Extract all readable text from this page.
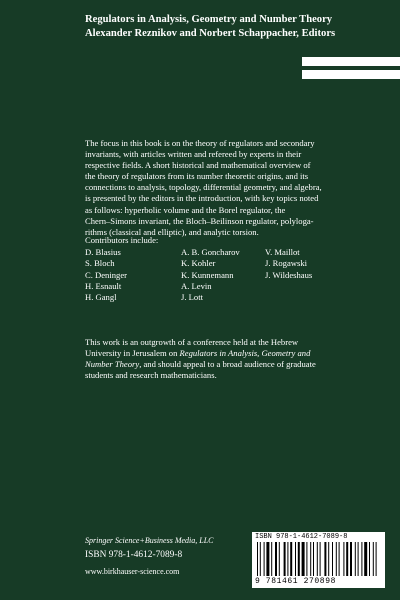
Regulators in Analysis, Geometry and Number Theory
Alexander Reznikov and Norbert Schappacher, Editors

The focus in this book is on the theory of regulators and secondary

invariants, with articles written and refereed by experts in their

respective fields. A short historical and mathematical overview of

the theory of regulators from its number theoretic origins, and its

connections to analysis, topology, differential geometry, and algebra,

is presented by the editors in the introduction, with key topics noted

as follows: hyperbolic volume and the Borel regulator, the

Chern–Simons invariant, the Bloch–Beilinson regulator, polyloga-

rithms (classical and elliptic), and analytic torsion.

Contributors include:
D. Blasius
S. Bloch
C. Deninger
H. Esnault
H. Gangl
A. B. Goncharov
K. Kohler
K. Kunnemann
A. Levin
J. Lott
V. Maillot
J. Rogawski
J. Wildeshaus

This work is an outgrowth of a conference held at the Hebrew

University in Jerusalem on Regulators in Analysis, Geometry and

Number Theory, and should appeal to a broad audience of graduate

students and research mathematicians.

Springer Science+Business Media, LLC
ISBN 978-1-4612-7089-8
www.birkhauser-science.com
ISBN 978-1-4612-7089-8
9 781461 270898
